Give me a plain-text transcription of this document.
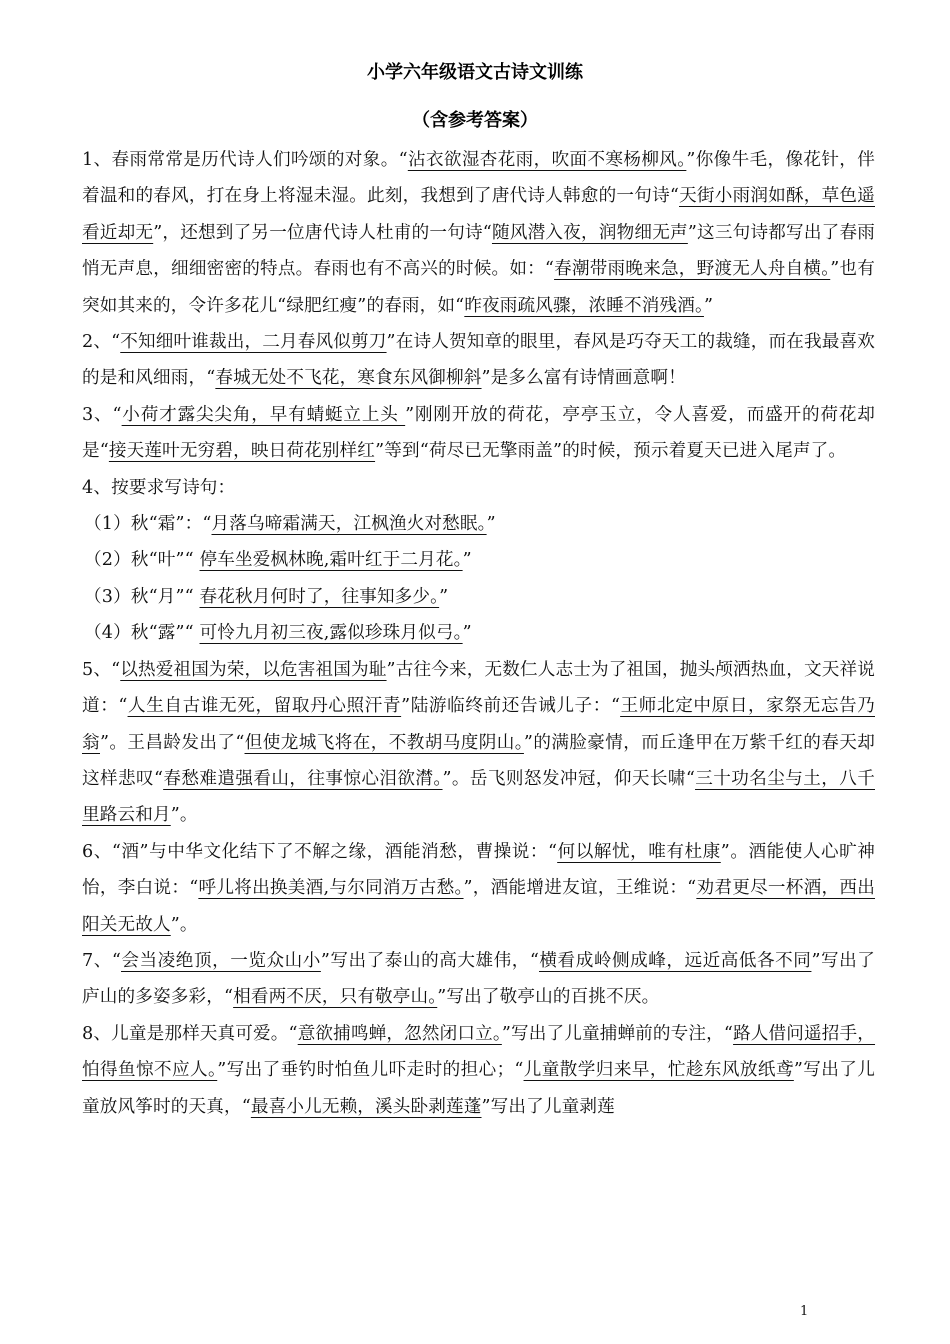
小学六年级语文古诗文训练
（含参考答案）

1、春雨常常是历代诗人们吟颂的对象。“沾衣欲湿杏花雨，吹面不寒杨柳风。”你像牛毛，像花针，伴着温和的春风，打在身上将湿未湿。此刻，我想到了唐代诗人韩愈的一句诗“天街小雨润如酥，草色遥看近却无”，还想到了另一位唐代诗人杜甫的一句诗“随风潜入夜，润物细无声”这三句诗都写出了春雨悄无声息，细细密密的特点。春雨也有不高兴的时候。如：“春潮带雨晚来急，野渡无人舟自横。”也有突如其来的，令许多花儿“绿肥红瘦”的春雨，如“昨夜雨疏风骤，浓睡不消残酒。”

2、“不知细叶谁裁出，二月春风似剪刀”在诗人贺知章的眼里，春风是巧夺天工的裁缝，而在我最喜欢的是和风细雨，“春城无处不飞花，寒食东风御柳斜”是多么富有诗情画意啊！

3、“小荷才露尖尖角，早有蜻蜓立上头 ”刚刚开放的荷花，亭亭玉立，令人喜爱，而盛开的荷花却是“接天莲叶无穷碧，映日荷花别样红”等到“荷尽已无擎雨盖”的时候，预示着夏天已进入尾声了。

4、按要求写诗句：

（1）秋“霜”：“月落乌啼霜满天，江枫渔火对愁眠。”

（2）秋“叶”“ 停车坐爱枫林晚,霜叶红于二月花。”

（3）秋“月”“ 春花秋月何时了，往事知多少。”

（4）秋“露”“ 可怜九月初三夜,露似珍珠月似弓。”

5、“以热爱祖国为荣，以危害祖国为耻”古往今来，无数仁人志士为了祖国，抛头颅洒热血，文天祥说道：“人生自古谁无死，留取丹心照汗青”陆游临终前还告诫儿子：“王师北定中原日，家祭无忘告乃翁”。王昌龄发出了“但使龙城飞将在，不教胡马度阴山。”的满脸豪情，而丘逢甲在万紫千红的春天却这样悲叹“春愁难遣强看山，往事惊心泪欲潸。”。岳飞则怒发冲冠，仰天长啸“三十功名尘与土，八千里路云和月”。

6、“酒”与中华文化结下了不解之缘，酒能消愁，曹操说：“何以解忧，唯有杜康”。酒能使人心旷神怡，李白说：“呼儿将出换美酒,与尔同消万古愁。”，酒能增进友谊，王维说：“劝君更尽一杯酒，西出阳关无故人”。

7、“会当凌绝顶，一览众山小”写出了泰山的高大雄伟，“横看成岭侧成峰，远近高低各不同”写出了庐山的多姿多彩，“相看两不厌，只有敬亭山。”写出了敬亭山的百挑不厌。

8、儿童是那样天真可爱。“意欲捕鸣蝉，忽然闭口立。”写出了儿童捕蝉前的专注，“路人借问遥招手， 怕得鱼惊不应人。”写出了垂钓时怕鱼儿吓走时的担心；“儿童散学归来早，忙趁东风放纸鸢”写出了儿童放风筝时的天真，“最喜小儿无赖，溪头卧剥莲蓬”写出了儿童剥莲

1
